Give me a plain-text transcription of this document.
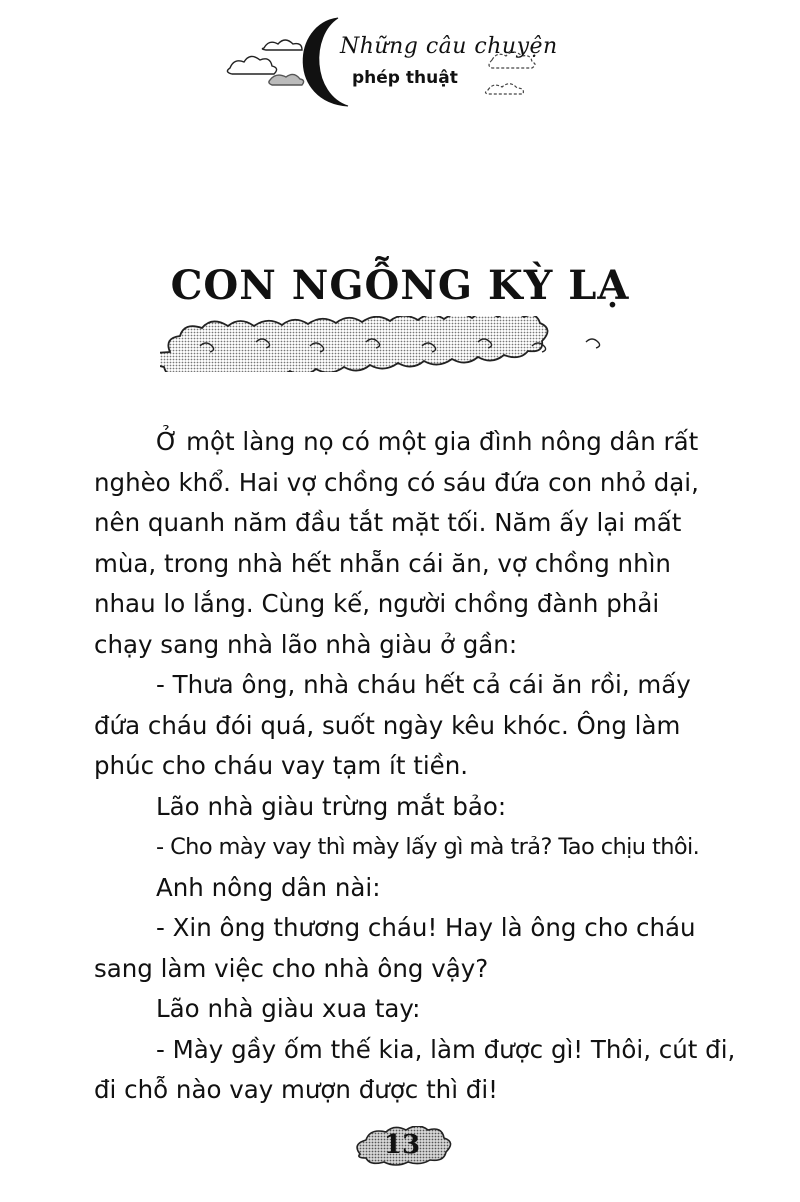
Những câu chuyện
phép thuật
CON NGỖNG KỲ LẠ

Ở một làng nọ có một gia đình nông dân rất

nghèo khổ. Hai vợ chồng có sáu đứa con nhỏ dại,

nên quanh năm đầu tắt mặt tối. Năm ấy lại mất

mùa, trong nhà hết nhẵn cái ăn, vợ chồng nhìn

nhau lo lắng. Cùng kế, người chồng đành phải

chạy sang nhà lão nhà giàu ở gần:

- Thưa ông, nhà cháu hết cả cái ăn rồi, mấy

đứa cháu đói quá, suốt ngày kêu khóc. Ông làm

phúc cho cháu vay tạm ít tiền.

Lão nhà giàu trừng mắt bảo:

- Cho mày vay thì mày lấy gì mà trả? Tao chịu thôi.

Anh nông dân nài:

- Xin ông thương cháu! Hay là ông cho cháu

sang làm việc cho nhà ông vậy?

Lão nhà giàu xua tay:

- Mày gầy ốm thế kia, làm được gì! Thôi, cút đi,

đi chỗ nào vay mượn được thì đi!

13
